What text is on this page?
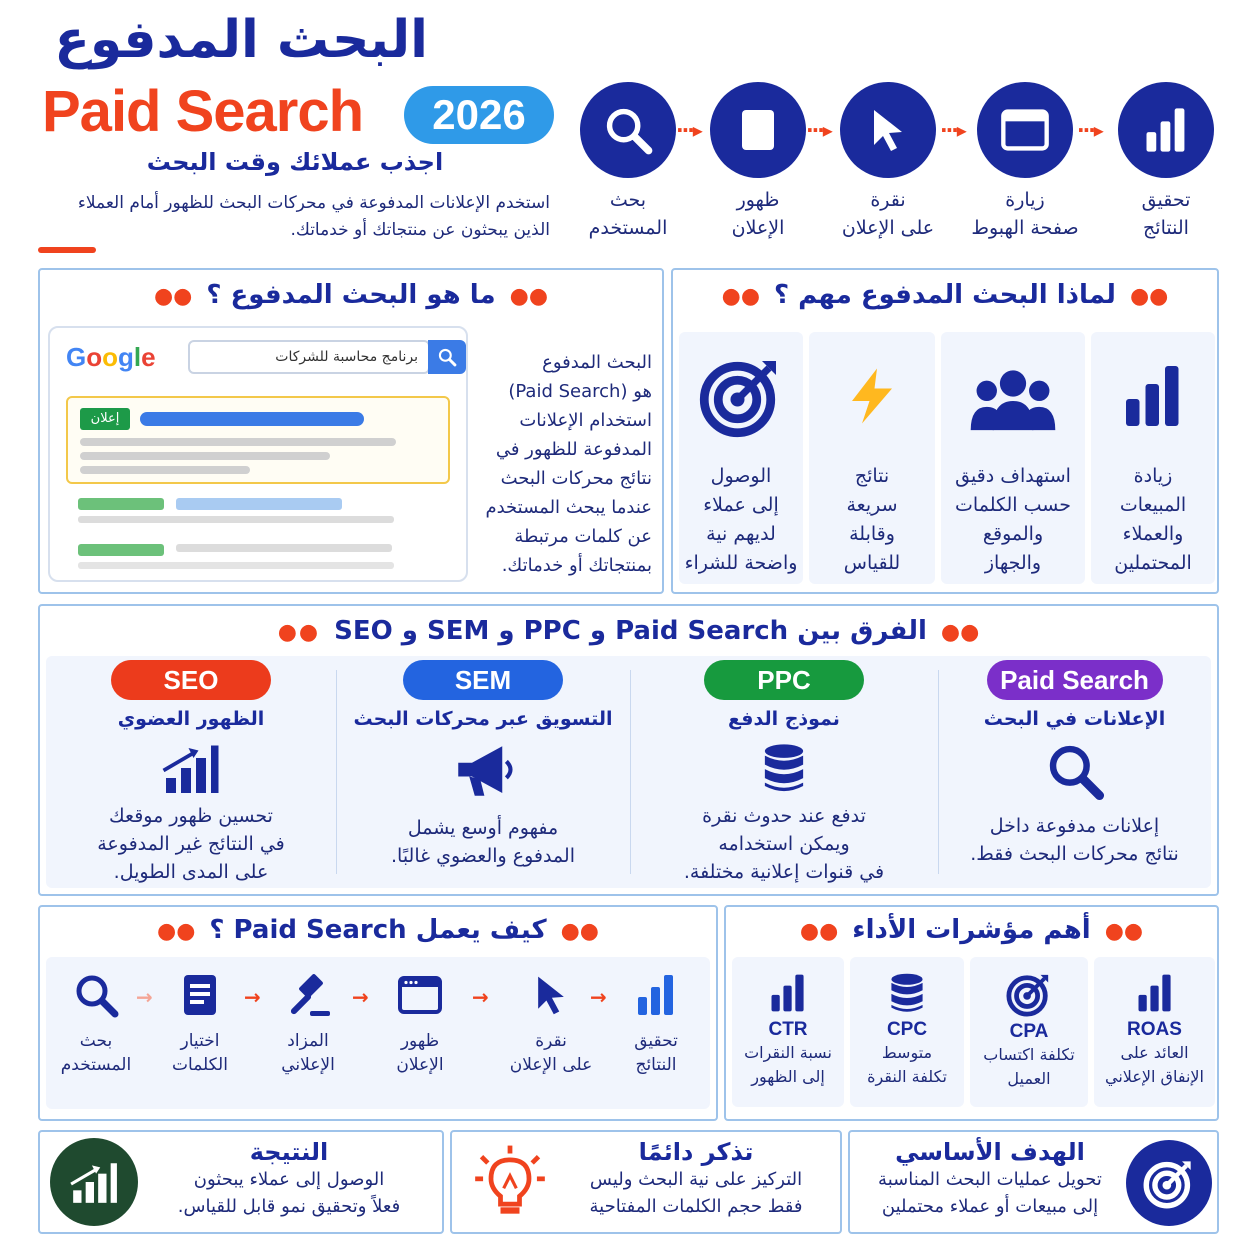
البحث المدفوع
Paid Search	2026
اجذب عملائك وقت البحث
استخدم الإعلانات المدفوعة في محركات البحث للظهور أمام العملاء الذين يبحثون عن منتجاتك أو خدماتك.
بحث
المستخدم
···▸
ظهور
الإعلان
···▸
نقرة
على الإعلان
···▸
زيارة
صفحة الهبوط
···▸
تحقيق
النتائج
●●ما هو البحث المدفوع ؟●●
Google	برنامج محاسبة للشركات
إعلان
البحث المدفوع
هو (Paid Search)
استخدام الإعلانات
المدفوعة للظهور في
نتائج محركات البحث
عندما يبحث المستخدم
عن كلمات مرتبطة
بمنتجاتك أو خدماتك.
●●لماذا البحث المدفوع مهم ؟●●
الوصول
إلى عملاء
لديهم نية
واضحة للشراء
نتائج
سريعة
وقابلة
للقياس
استهداف دقيق
حسب الكلمات
والموقع
والجهاز
زيادة
المبيعات
والعملاء
المحتملين
●●الفرق بين Paid Search و PPC و SEM و SEO●●
SEO
الظهور العضوي
تحسين ظهور موقعك
في النتائج غير المدفوعة
على المدى الطويل.
SEM
التسويق عبر محركات البحث
مفهوم أوسع يشمل
المدفوع والعضوي غالبًا.
PPC
نموذج الدفع
تدفع عند حدوث نقرة
ويمكن استخدامه
في قنوات إعلانية مختلفة.
Paid Search
الإعلانات في البحث
إعلانات مدفوعة داخل
نتائج محركات البحث فقط.
●●كيف يعمل Paid Search ؟●●
بحث
المستخدم
→
اختيار
الكلمات
→
المزاد
الإعلاني
→
ظهور
الإعلان
→
نقرة
على الإعلان
→
تحقيق
النتائج
●●أهم مؤشرات الأداء●●
CTR
نسبة النقرات
إلى الظهور
CPC
متوسط
تكلفة النقرة
CPA
تكلفة اكتساب
العميل
ROAS
العائد على
الإنفاق الإعلاني
النتيجة
الوصول إلى عملاء يبحثون
فعلاً وتحقيق نمو قابل للقياس.
تذكر دائمًا
التركيز على نية البحث وليس
فقط حجم الكلمات المفتاحية
الهدف الأساسي
تحويل عمليات البحث المناسبة
إلى مبيعات أو عملاء محتملين
